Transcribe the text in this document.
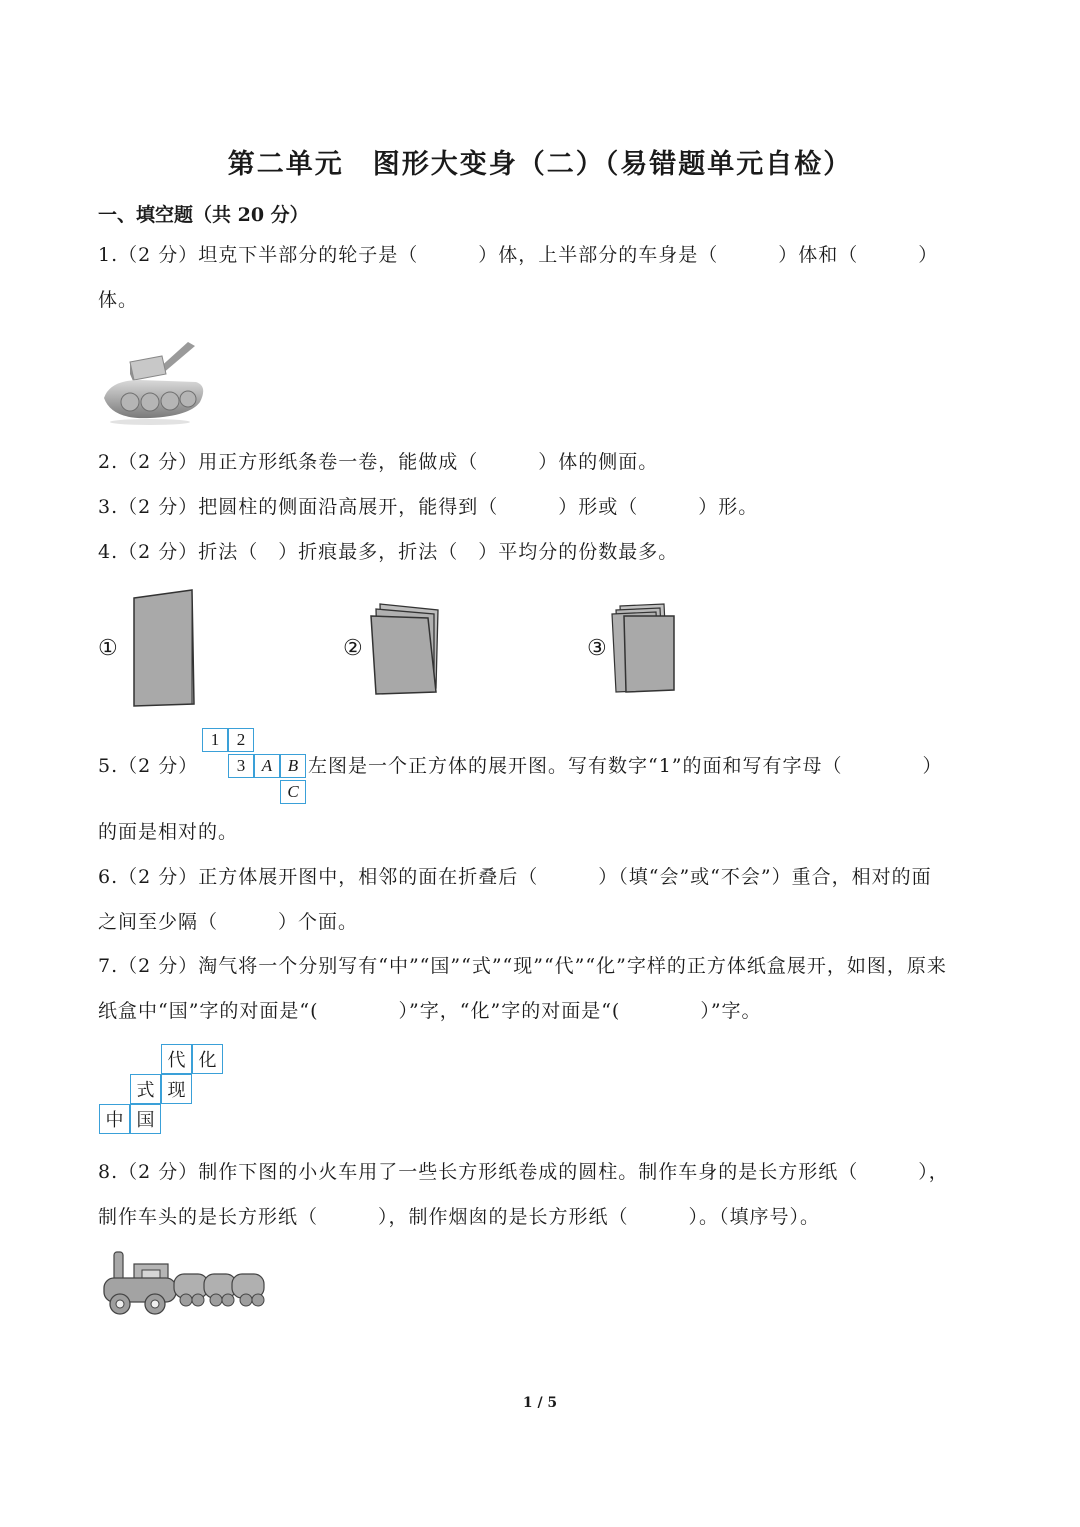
第二单元　图形大变身（二）（易错题单元自检）
一、填空题（共 20 分）
1.（2 分）坦克下半部分的轮子是（　　　）体，上半部分的车身是（　　　）体和（　　　）
体。
2.（2 分）用正方形纸条卷一卷，能做成（　　　）体的侧面。
3.（2 分）把圆柱的侧面沿高展开，能得到（　　　）形或（　　　）形。
4.（2 分）折法（　）折痕最多，折法（　）平均分的份数最多。
①	②	③
5.（2 分）
1	2
3 A B
C
左图是一个正方体的展开图。写有数字“1”的面和写有字母（　　　　）
的面是相对的。
6.（2 分）正方体展开图中，相邻的面在折叠后（　　　）（填“会”或“不会”）重合，相对的面
之间至少隔（　　　）个面。
7.（2 分）淘气将一个分别写有“中”“国”“式”“现”“代”“化”字样的正方体纸盒展开，如图，原来
纸盒中“国”字的对面是“(　　　　）”字，“化”字的对面是“(　　　　）”字。
代 化
式 现
中 国
8.（2 分）制作下图的小火车用了一些长方形纸卷成的圆柱。制作车身的是长方形纸（　　　），
制作车头的是长方形纸（　　　），制作烟囱的是长方形纸（　　　）。（填序号）。
1 / 5
